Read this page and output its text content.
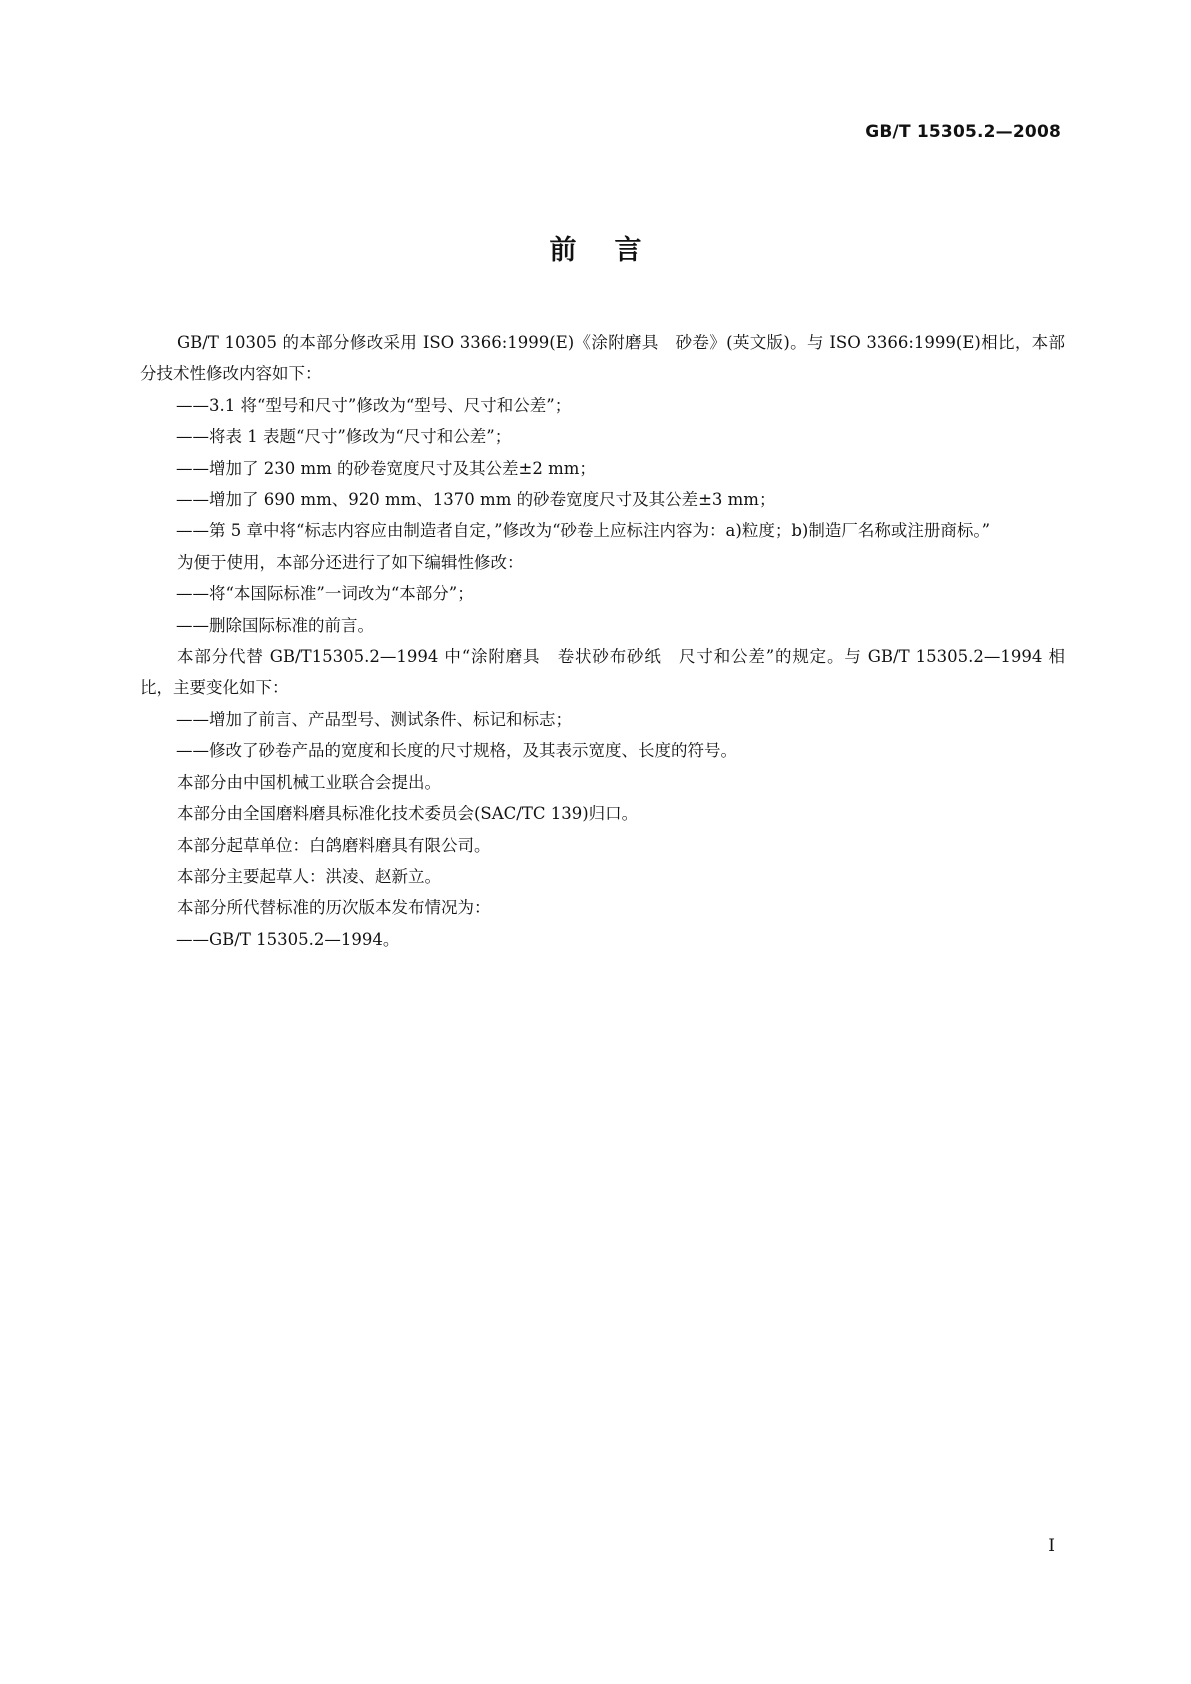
GB/T 15305.2—2008
前言

GB/T 10305 的本部分修改采用 ISO 3366:1999(E)《涂附磨具　砂卷》(英文版)。与 ISO 3366:1999(E)相比，本部分技术性修改内容如下：

——3.1 将“型号和尺寸”修改为“型号、尺寸和公差”；

——将表 1 表题“尺寸”修改为“尺寸和公差”；

——增加了 230 mm 的砂卷宽度尺寸及其公差±2 mm；

——增加了 690 mm、920 mm、1370 mm 的砂卷宽度尺寸及其公差±3 mm；

——第 5 章中将“标志内容应由制造者自定，”修改为“砂卷上应标注内容为：a)粒度；b)制造厂名称或注册商标。”

为便于使用，本部分还进行了如下编辑性修改：

——将“本国际标准”一词改为“本部分”；

——删除国际标准的前言。

本部分代替 GB/T15305.2—1994 中“涂附磨具　卷状砂布砂纸　尺寸和公差”的规定。与 GB/T 15305.2—1994 相比，主要变化如下：

——增加了前言、产品型号、测试条件、标记和标志；

——修改了砂卷产品的宽度和长度的尺寸规格，及其表示宽度、长度的符号。

本部分由中国机械工业联合会提出。

本部分由全国磨料磨具标准化技术委员会(SAC/TC 139)归口。

本部分起草单位：白鸽磨料磨具有限公司。

本部分主要起草人：洪凌、赵新立。

本部分所代替标准的历次版本发布情况为：

——GB/T 15305.2—1994。

I
